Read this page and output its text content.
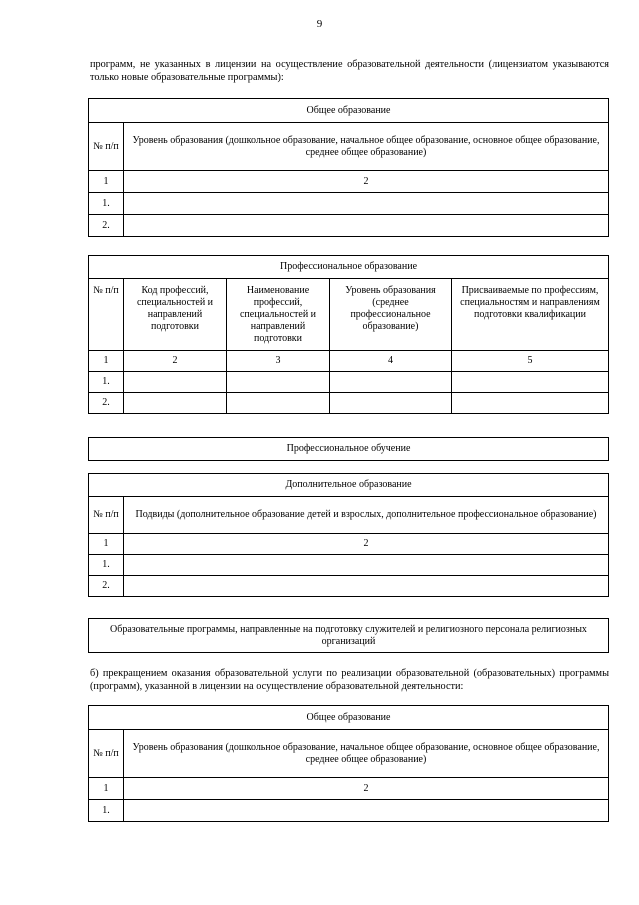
9
программ, не указанных в лицензии на осуществление образовательной деятельности (лицензиатом указываются только новые образовательные программы):
Общее образование	
№ п/п	Уровень образования (дошкольное образование, начальное общее образование, основное общее образование, среднее общее образование)
1	2
1.	
2.	
Профессиональное образование				
№ п/п	Код профессий, специальностей и направлений подготовки	Наименование профессий, специальностей и направлений подготовки	Уровень образования (среднее профессиональное образование)	Присваиваемые по профессиям, специальностям и направлениям подготовки квалификации
1	2	3	4	5
1.				
2.				
Профессиональное обучение
Дополнительное образование	
№ п/п	Подвиды (дополнительное образование детей и взрослых, дополнительное профессиональное образование)
1	2
1.	
2.	
Образовательные программы, направленные на подготовку служителей и религиозного персонала религиозных организаций
б) прекращением оказания образовательной услуги по реализации образовательной (образовательных) программы (программ), указанной в лицензии на осуществление образовательной деятельности:
Общее образование	
№ п/п	Уровень образования (дошкольное образование, начальное общее образование, основное общее образование, среднее общее образование)
1	2
1.	
